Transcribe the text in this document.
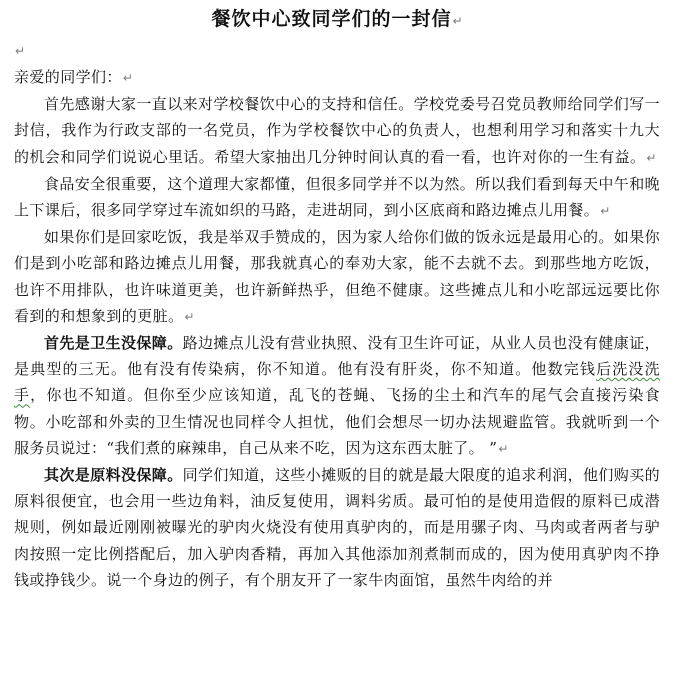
餐饮中心致同学们的一封信↵
↵

亲爱的同学们：↵

首先感谢大家一直以来对学校餐饮中心的支持和信任。学校党委号召党员教师给同学们写一封信，我作为行政支部的一名党员，作为学校餐饮中心的负责人，也想利用学习和落实十九大的机会和同学们说说心里话。希望大家抽出几分钟时间认真的看一看，也许对你的一生有益。↵

食品安全很重要，这个道理大家都懂，但很多同学并不以为然。所以我们看到每天中午和晚上下课后，很多同学穿过车流如织的马路，走进胡同，到小区底商和路边摊点儿用餐。↵

如果你们是回家吃饭，我是举双手赞成的，因为家人给你们做的饭永远是最用心的。如果你们是到小吃部和路边摊点儿用餐，那我就真心的奉劝大家，能不去就不去。到那些地方吃饭，也许不用排队，也许味道更美，也许新鲜热乎，但绝不健康。这些摊点儿和小吃部远远要比你看到的和想象到的更脏。↵

首先是卫生没保障。路边摊点儿没有营业执照、没有卫生许可证，从业人员也没有健康证，是典型的三无。他有没有传染病，你不知道。他有没有肝炎，你不知道。他数完钱后洗没洗手，你也不知道。但你至少应该知道，乱飞的苍蝇、飞扬的尘土和汽车的尾气会直接污染食物。小吃部和外卖的卫生情况也同样令人担忧，他们会想尽一切办法规避监管。我就听到一个服务员说过：“我们煮的麻辣串，自己从来不吃，因为这东西太脏了。 ”↵

其次是原料没保障。同学们知道，这些小摊贩的目的就是最大限度的追求利润，他们购买的原料很便宜，也会用一些边角料，油反复使用，调料劣质。最可怕的是使用造假的原料已成潜规则，例如最近刚刚被曝光的驴肉火烧没有使用真驴肉的，而是用骡子肉、马肉或者两者与驴肉按照一定比例搭配后，加入驴肉香精，再加入其他添加剂煮制而成的，因为使用真驴肉不挣钱或挣钱少。说一个身边的例子，有个朋友开了一家牛肉面馆，虽然牛肉给的并
